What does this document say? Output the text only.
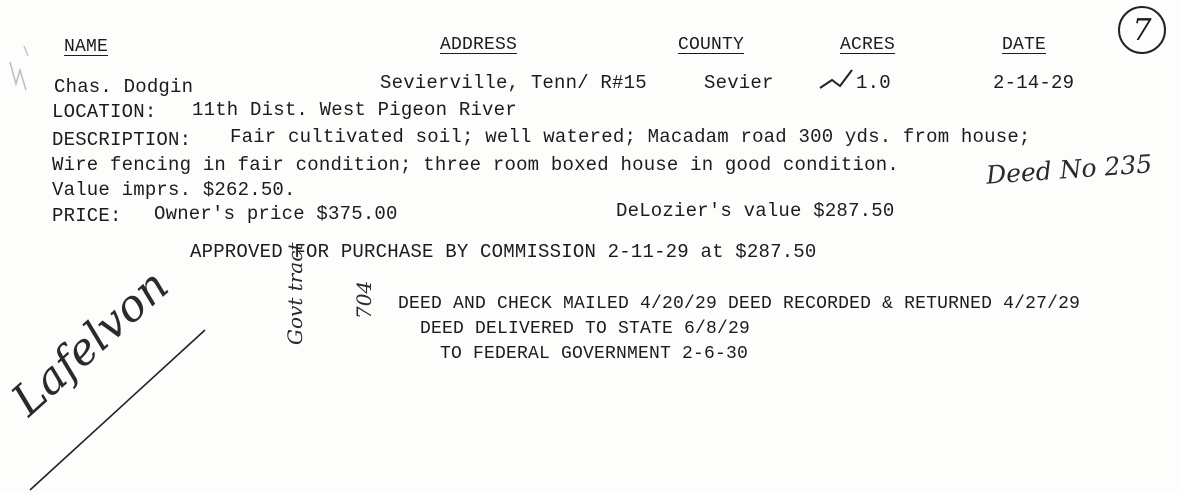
7
NAME	ADDRESS	COUNTY	ACRES	DATE
Chas. Dodgin	Sevierville, Tenn/ R#15	Sevier	1.0	2-14-29
LOCATION: 11th Dist. West Pigeon River
DESCRIPTION: Fair cultivated soil; well watered; Macadam road 300 yds. from house;
Wire fencing in fair condition; three room boxed house in good condition.
Value imprs. $262.50.
Deed No 235
PRICE: Owner's price $375.00	DeLozier's value $287.50
APPROVED FOR PURCHASE BY COMMISSION 2-11-29 at $287.50
DEED AND CHECK MAILED 4/20/29 DEED RECORDED & RETURNED 4/27/29
DEED DELIVERED TO STATE 6/8/29
TO FEDERAL GOVERNMENT 2-6-30

Govt tract

704

Lafelvon
